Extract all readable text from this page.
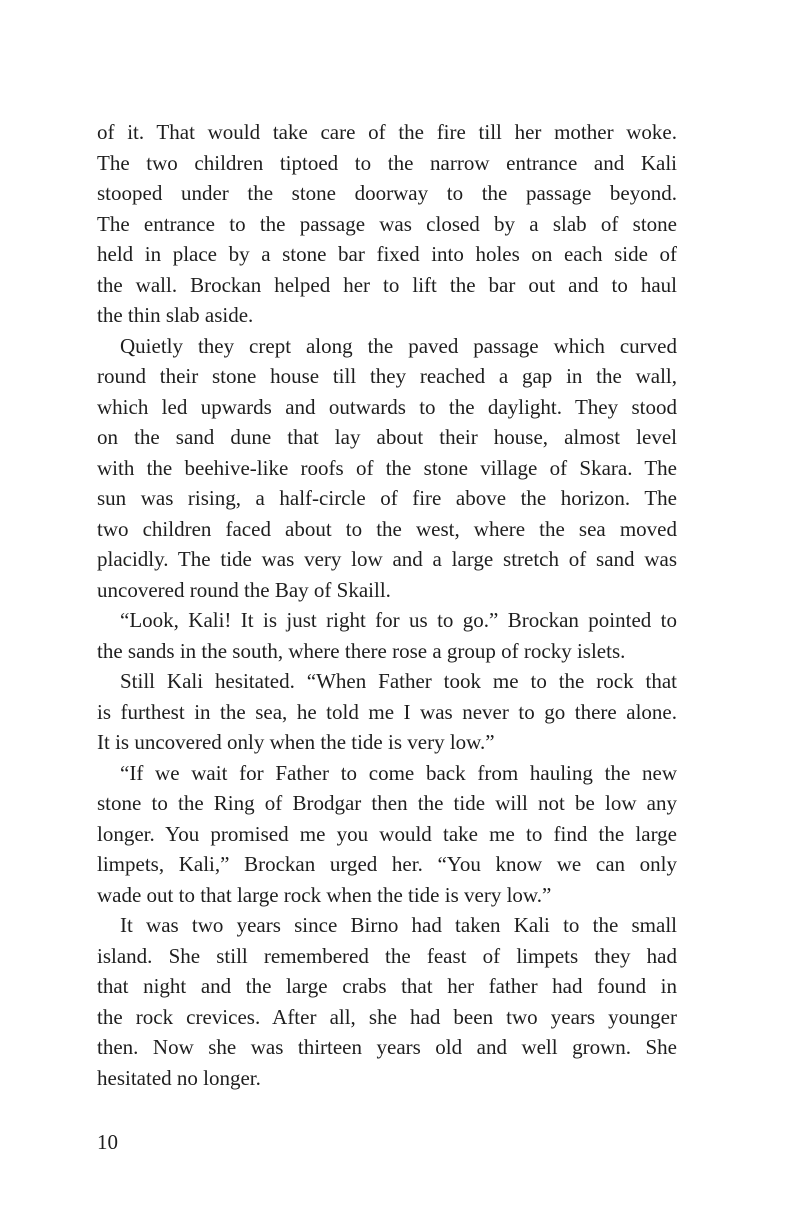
of it. That would take care of the fire till her mother woke.
The two children tiptoed to the narrow entrance and Kali
stooped under the stone doorway to the passage beyond.
The entrance to the passage was closed by a slab of stone
held in place by a stone bar fixed into holes on each side of
the wall. Brockan helped her to lift the bar out and to haul
the thin slab aside.
Quietly they crept along the paved passage which curved
round their stone house till they reached a gap in the wall,
which led upwards and outwards to the daylight. They stood
on the sand dune that lay about their house, almost level
with the beehive-like roofs of the stone village of Skara. The
sun was rising, a half-circle of fire above the horizon. The
two children faced about to the west, where the sea moved
placidly. The tide was very low and a large stretch of sand was
uncovered round the Bay of Skaill.
“Look, Kali! It is just right for us to go.” Brockan pointed to
the sands in the south, where there rose a group of rocky islets.
Still Kali hesitated. “When Father took me to the rock that
is furthest in the sea, he told me I was never to go there alone.
It is uncovered only when the tide is very low.”
“If we wait for Father to come back from hauling the new
stone to the Ring of Brodgar then the tide will not be low any
longer. You promised me you would take me to find the large
limpets, Kali,” Brockan urged her. “You know we can only
wade out to that large rock when the tide is very low.”
It was two years since Birno had taken Kali to the small
island. She still remembered the feast of limpets they had
that night and the large crabs that her father had found in
the rock crevices. After all, she had been two years younger
then. Now she was thirteen years old and well grown. She
hesitated no longer.
10
